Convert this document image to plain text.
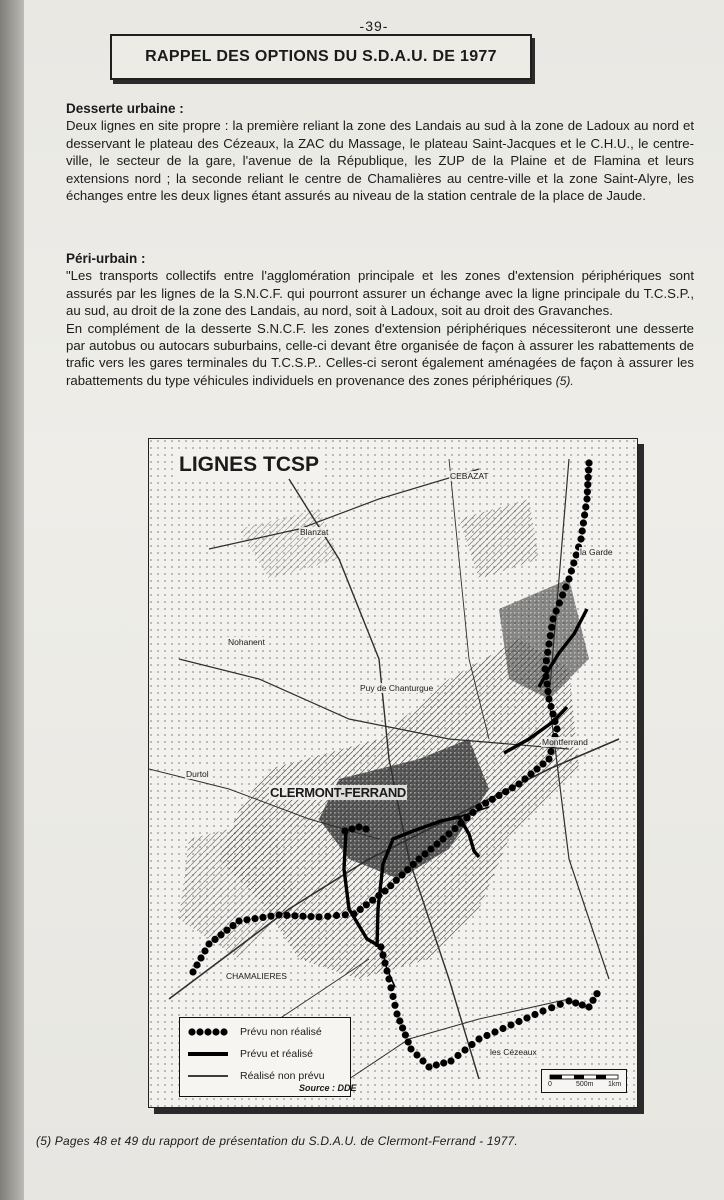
-39-
RAPPEL DES OPTIONS DU S.D.A.U. DE 1977
Desserte urbaine :

Deux lignes en site propre : la première reliant la zone des Landais au sud à la zone de Ladoux au nord et desservant le plateau des Cézeaux, la ZAC du Massage, le plateau Saint-Jacques et le C.H.U., le centre-ville, le secteur de la gare, l'avenue de la République, les ZUP de la Plaine et de Flamina et leurs extensions nord ; la seconde reliant le centre de Chamalières au centre-ville et la zone Saint-Alyre, les échanges entre les deux lignes étant assurés au niveau de la station centrale de la place de Jaude.

Péri-urbain :

"Les transports collectifs entre l'agglomération principale et les zones d'extension périphériques sont assurés par les lignes de la S.N.C.F. qui pourront assurer un échange avec la ligne principale du T.C.S.P., au sud, au droit de la zone des Landais, au nord, soit à Ladoux, soit au droit des Gravanches.

En complément de la desserte S.N.C.F. les zones d'extension périphériques nécessiteront une desserte par autobus ou autocars suburbains, celle-ci devant être organisée de façon à assurer les rabattements de trafic vers les gares terminales du T.C.S.P.. Celles-ci seront également aménagées de façon à assurer les rabattements du type véhicules individuels en provenance des zones périphériques (5).

LIGNES TCSP	CEBAZAT
Blanzat
Nohanent
Puy de Chanturgue
la Garde
Durtol
CLERMONT-FERRAND
Montferrand
CHAMALIERES
les Cézeaux
Prévu non réalisé
Prévu et réalisé
Réalisé non prévu
0	500m 1km
Source : DDE
(5) Pages 48 et 49 du rapport de présentation du S.D.A.U. de Clermont-Ferrand - 1977.
